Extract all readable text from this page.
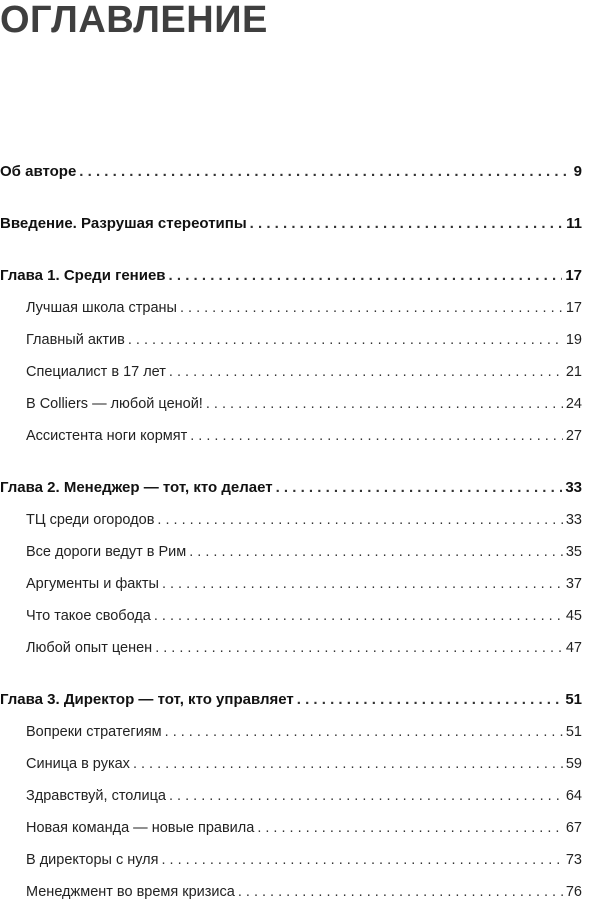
ОГЛАВЛЕНИЕ
Об авторе . . .	9
Введение. Разрушая стереотипы . . .	11
Глава 1. Среди гениев . . .	17
Лучшая школа страны . . .	17
Главный актив . . .	19
Специалист в 17 лет . . .	21
В Colliers — любой ценой! . . .	24
Ассистента ноги кормят . . .	27
Глава 2. Менеджер — тот, кто делает . . .	33
ТЦ среди огородов . . .	33
Все дороги ведут в Рим . . .	35
Аргументы и факты . . .	37
Что такое свобода . . .	45
Любой опыт ценен . . .	47
Глава 3. Директор — тот, кто управляет . . .	51
Вопреки стратегиям . . .	51
Синица в руках . . .	59
Здравствуй, столица . . .	64
Новая команда — новые правила . . .	67
В директоры с нуля . . .	73
Менеджмент во время кризиса . . .	76
